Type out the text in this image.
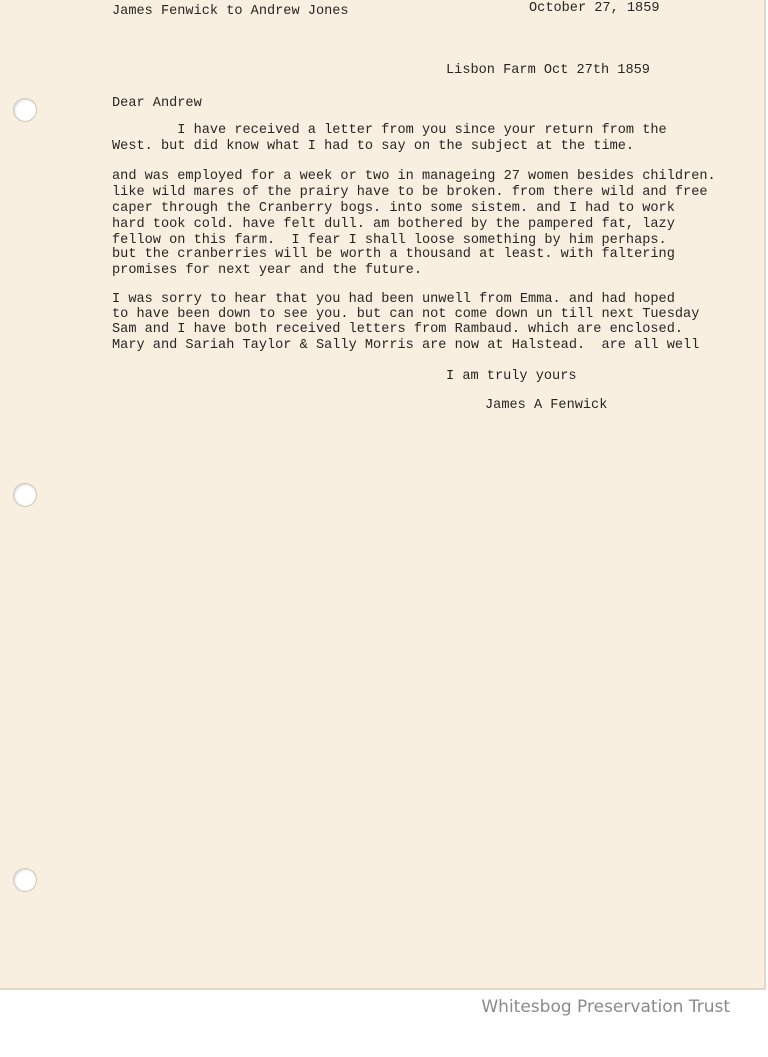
James Fenwick to Andrew Jones	October 27, 1859
Lisbon Farm Oct 27th 1859
Dear Andrew
I have received a letter from you since your return from the
West. but did know what I had to say on the subject at the time.
and was employed for a week or two in manageing 27 women besides children.
like wild mares of the prairy have to be broken. from there wild and free
caper through the Cranberry bogs. into some sistem. and I had to work
hard took cold. have felt dull. am bothered by the pampered fat, lazy
fellow on this farm.  I fear I shall loose something by him perhaps.
but the cranberries will be worth a thousand at least. with faltering
promises for next year and the future.
I was sorry to hear that you had been unwell from Emma. and had hoped
to have been down to see you. but can not come down un till next Tuesday
Sam and I have both received letters from Rambaud. which are enclosed.
Mary and Sariah Taylor & Sally Morris are now at Halstead.  are all well
I am truly yours
James A Fenwick
Whitesbog Preservation Trust
